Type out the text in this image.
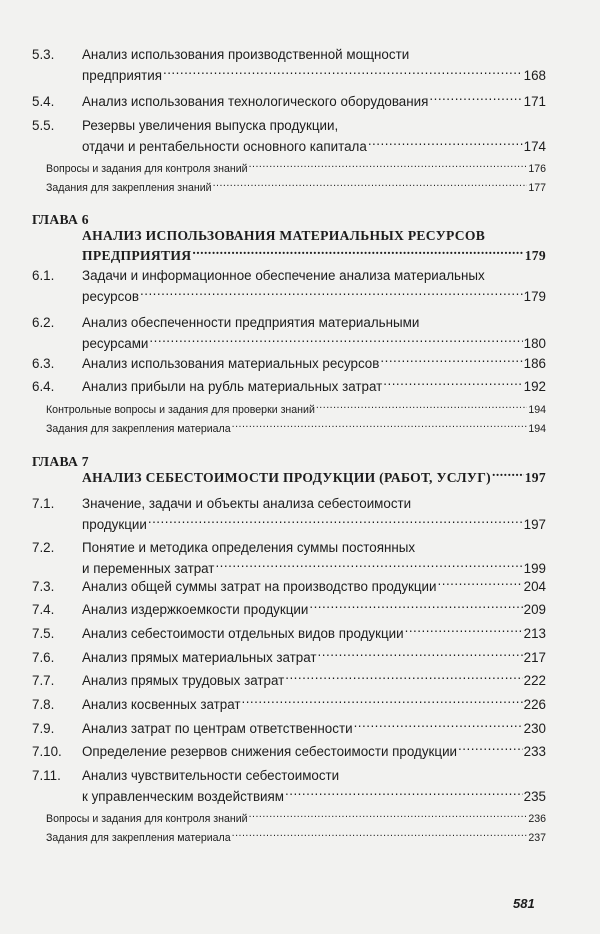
5.3. Анализ использования производственной мощности
предприятия .....	168
5.4. Анализ использования технологического оборудования .....	171
5.5. Резервы увеличения выпуска продукции,
отдачи и рентабельности основного капитала .....	174
Вопросы и задания для контроля знаний .....	176
Задания для закрепления знаний .....	177
ГЛАВА 6
АНАЛИЗ ИСПОЛЬЗОВАНИЯ МАТЕРИАЛЬНЫХ РЕСУРСОВ
ПРЕДПРИЯТИЯ .....	179
6.1. Задачи и информационное обеспечение анализа материальных
ресурсов .....	179
6.2. Анализ обеспеченности предприятия материальными
ресурсами .....	180
6.3. Анализ использования материальных ресурсов .....	186
6.4. Анализ прибыли на рубль материальных затрат .....	192
Контрольные вопросы и задания для проверки знаний .....	194
Задания для закрепления материала .....	194
ГЛАВА 7
АНАЛИЗ СЕБЕСТОИМОСТИ ПРОДУКЦИИ (РАБОТ, УСЛУГ) ..... 197
7.1. Значение, задачи и объекты анализа себестоимости
продукции .....	197
7.2. Понятие и методика определения суммы постоянных
и переменных затрат .....	199
7.3. Анализ общей суммы затрат на производство продукции .....	204
7.4. Анализ издержкоемкости продукции .....	209
7.5. Анализ себестоимости отдельных видов продукции .....	213
7.6. Анализ прямых материальных затрат .....	217
7.7. Анализ прямых трудовых затрат .....	222
7.8. Анализ косвенных затрат .....	226
7.9. Анализ затрат по центрам ответственности .....	230
7.10. Определение резервов снижения себестоимости продукции .....	233
7.11. Анализ чувствительности себестоимости
к управленческим воздействиям .....	235
Вопросы и задания для контроля знаний .....	236
Задания для закрепления материала .....	237
581
